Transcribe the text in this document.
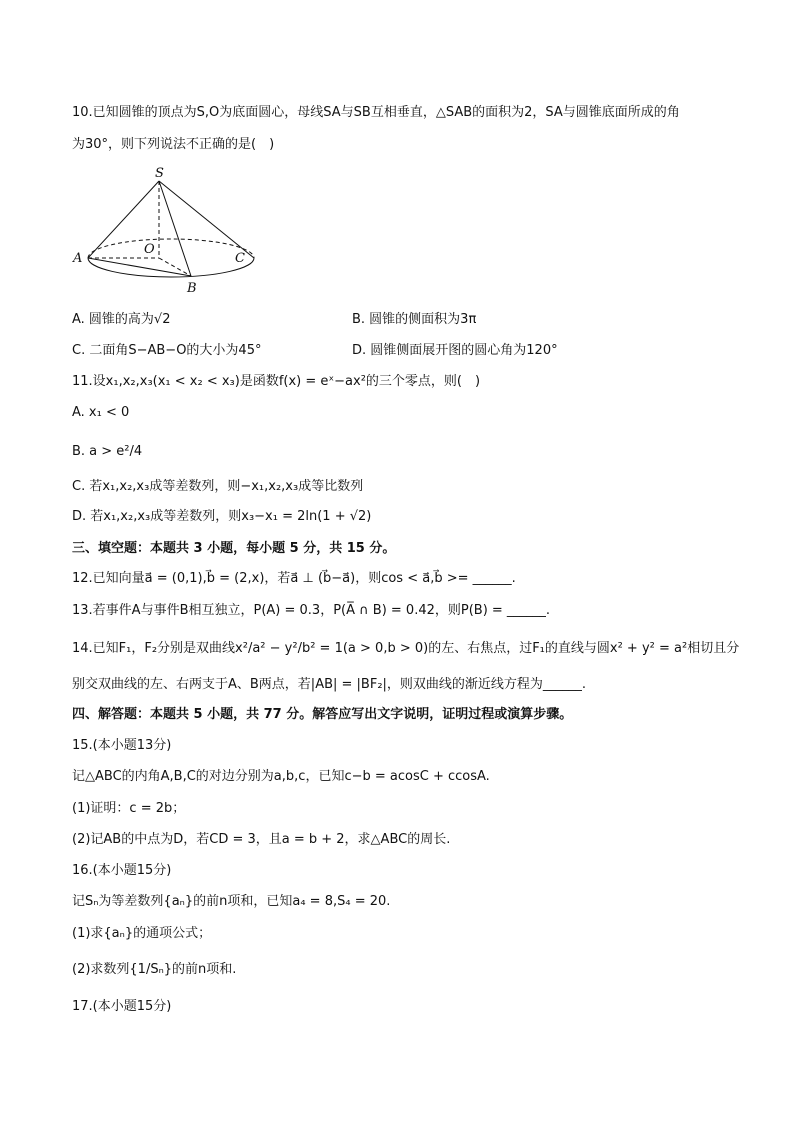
10.已知圆锥的顶点为S,O为底面圆心，母线SA与SB互相垂直，△SAB的面积为2，SA与圆锥底面所成的角
为30°，则下列说法不正确的是(　)
S
O
A	C
B
A. 圆锥的高为√2	B. 圆锥的侧面积为3π
C. 二面角S−AB−O的大小为45°	D. 圆锥侧面展开图的圆心角为120°
11.设x₁,x₂,x₃(x₁ < x₂ < x₃)是函数f(x) = eˣ−ax²的三个零点，则(　)
A. x₁ < 0
B. a > e²/4
C. 若x₁,x₂,x₃成等差数列，则−x₁,x₂,x₃成等比数列
D. 若x₁,x₂,x₃成等差数列，则x₃−x₁ = 2ln(1 + √2)
三、填空题：本题共 3 小题，每小题 5 分，共 15 分。
12.已知向量a⃗ = (0,1),b⃗ = (2,x)，若a⃗ ⊥ (b⃗−a⃗)，则cos < a⃗,b⃗ >= ______.
13.若事件A与事件B相互独立，P(A) = 0.3，P(A̅ ∩ B) = 0.42，则P(B) = ______.
14.已知F₁，F₂分别是双曲线x²/a² − y²/b² = 1(a > 0,b > 0)的左、右焦点，过F₁的直线与圆x² + y² = a²相切且分
别交双曲线的左、右两支于A、B两点，若|AB| = |BF₂|，则双曲线的渐近线方程为______.
四、解答题：本题共 5 小题，共 77 分。解答应写出文字说明，证明过程或演算步骤。
15.(本小题13分)
记△ABC的内角A,B,C的对边分别为a,b,c，已知c−b = acosC + ccosA.
(1)证明：c = 2b；
(2)记AB的中点为D，若CD = 3，且a = b + 2，求△ABC的周长.
16.(本小题15分)
记Sₙ为等差数列{aₙ}的前n项和，已知a₄ = 8,S₄ = 20.
(1)求{aₙ}的通项公式；
(2)求数列{1/Sₙ}的前n项和.
17.(本小题15分)
